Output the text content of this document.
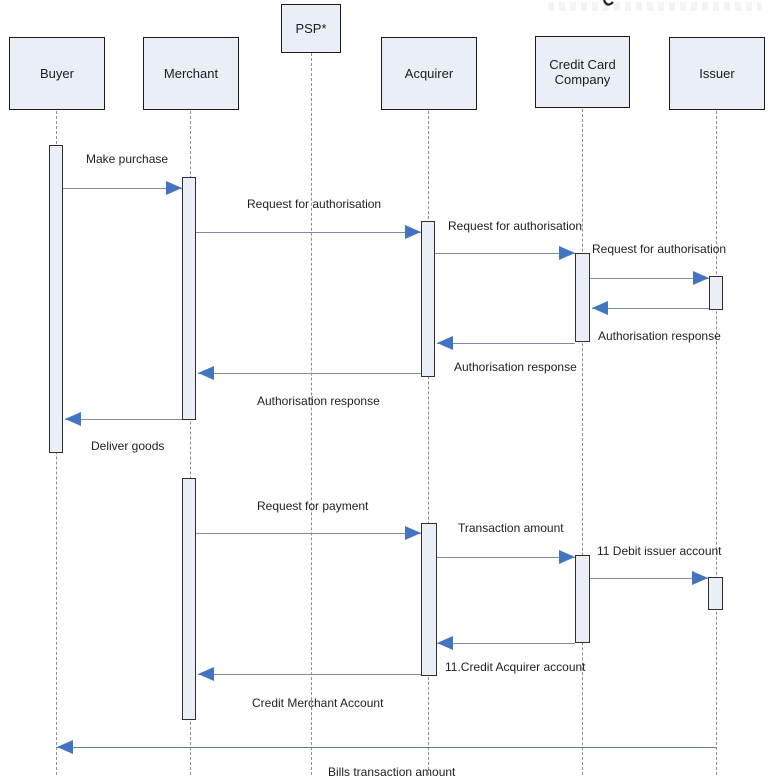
Buyer	Merchant
PSP*
Acquirer
Credit Card Company	Issuer
Make purchase
Request for authorisation
Request for authorisation
Request for authorisation
Authorisation response
Authorisation response
Authorisation response
Deliver goods
Request for payment
Transaction amount
11 Debit issuer account
11.Credit Acquirer account
Credit Merchant Account
Bills transaction amount
